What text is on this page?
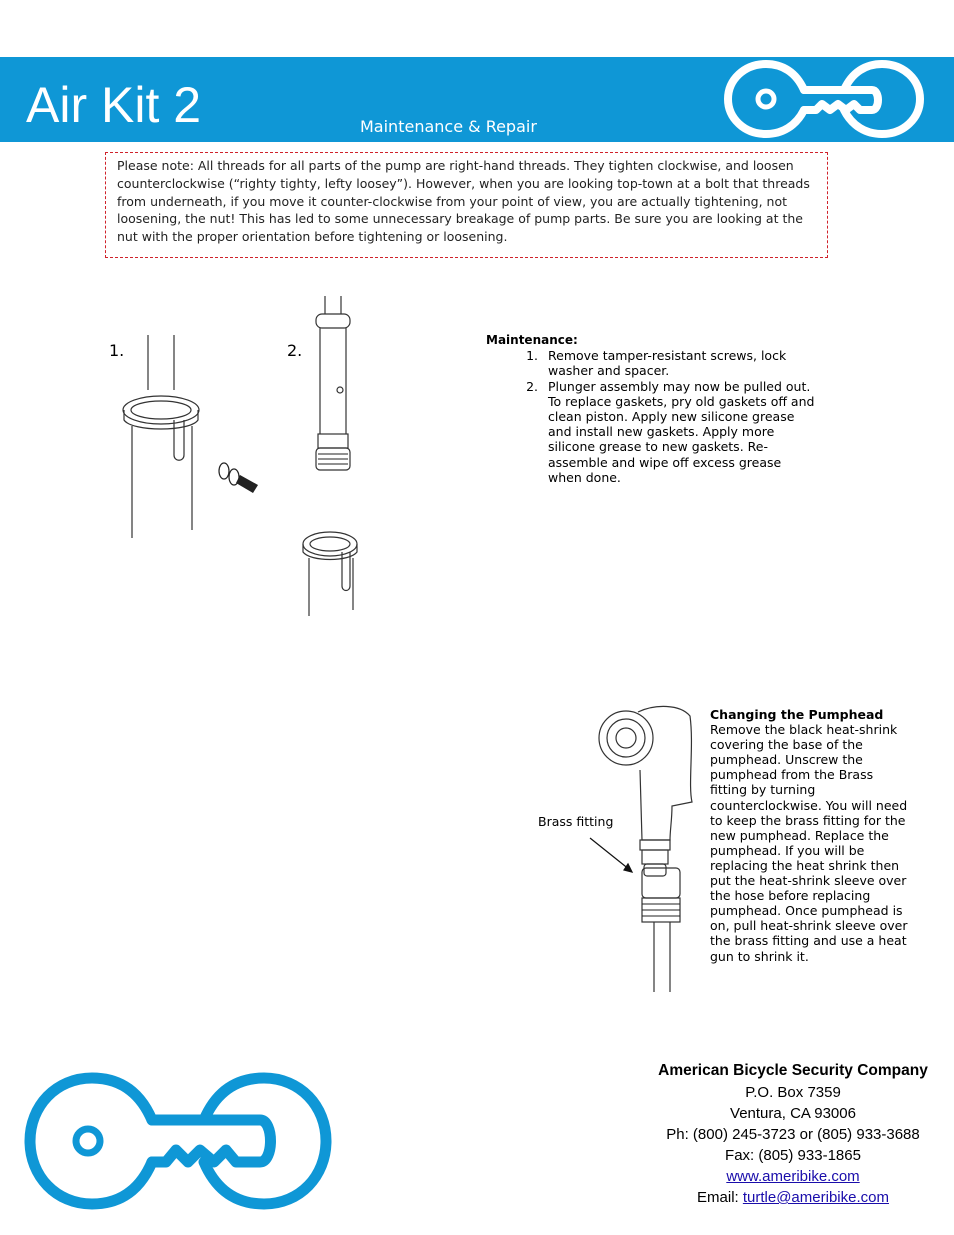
Air Kit 2	Maintenance & Repair
Please note: All threads for all parts of the pump are right-hand threads. They tighten clockwise, and loosen counterclockwise (“righty tighty, lefty loosey”). However, when you are looking top-town at a bolt that threads from underneath, if you move it counter-clockwise from your point of view, you are actually tightening, not loosening, the nut! This has led to some unnecessary breakage of pump parts. Be sure you are looking at the nut with the proper orientation before tightening or loosening.
1.	2.
Maintenance:
1. Remove tamper-resistant screws, lock washer and spacer.
2. Plunger assembly may now be pulled out. To replace gaskets, pry old gaskets off and clean piston. Apply new silicone grease and install new gaskets. Apply more silicone grease to new gaskets. Re-assemble and wipe off excess grease when done.
Brass fitting
Changing the Pumphead
Remove the black heat-shrink covering the base of the pumphead. Unscrew the pumphead from the Brass fitting by turning counterclockwise. You will need to keep the brass fitting for the new pumphead. Replace the pumphead. If you will be replacing the heat shrink then put the heat-shrink sleeve over the hose before replacing pumphead. Once pumphead is on, pull heat-shrink sleeve over the brass fitting and use a heat gun to shrink it.
American Bicycle Security Company
P.O. Box 7359
Ventura, CA 93006
Ph: (800) 245-3723 or (805) 933-3688
Fax: (805) 933-1865
www.ameribike.com
Email: turtle@ameribike.com
